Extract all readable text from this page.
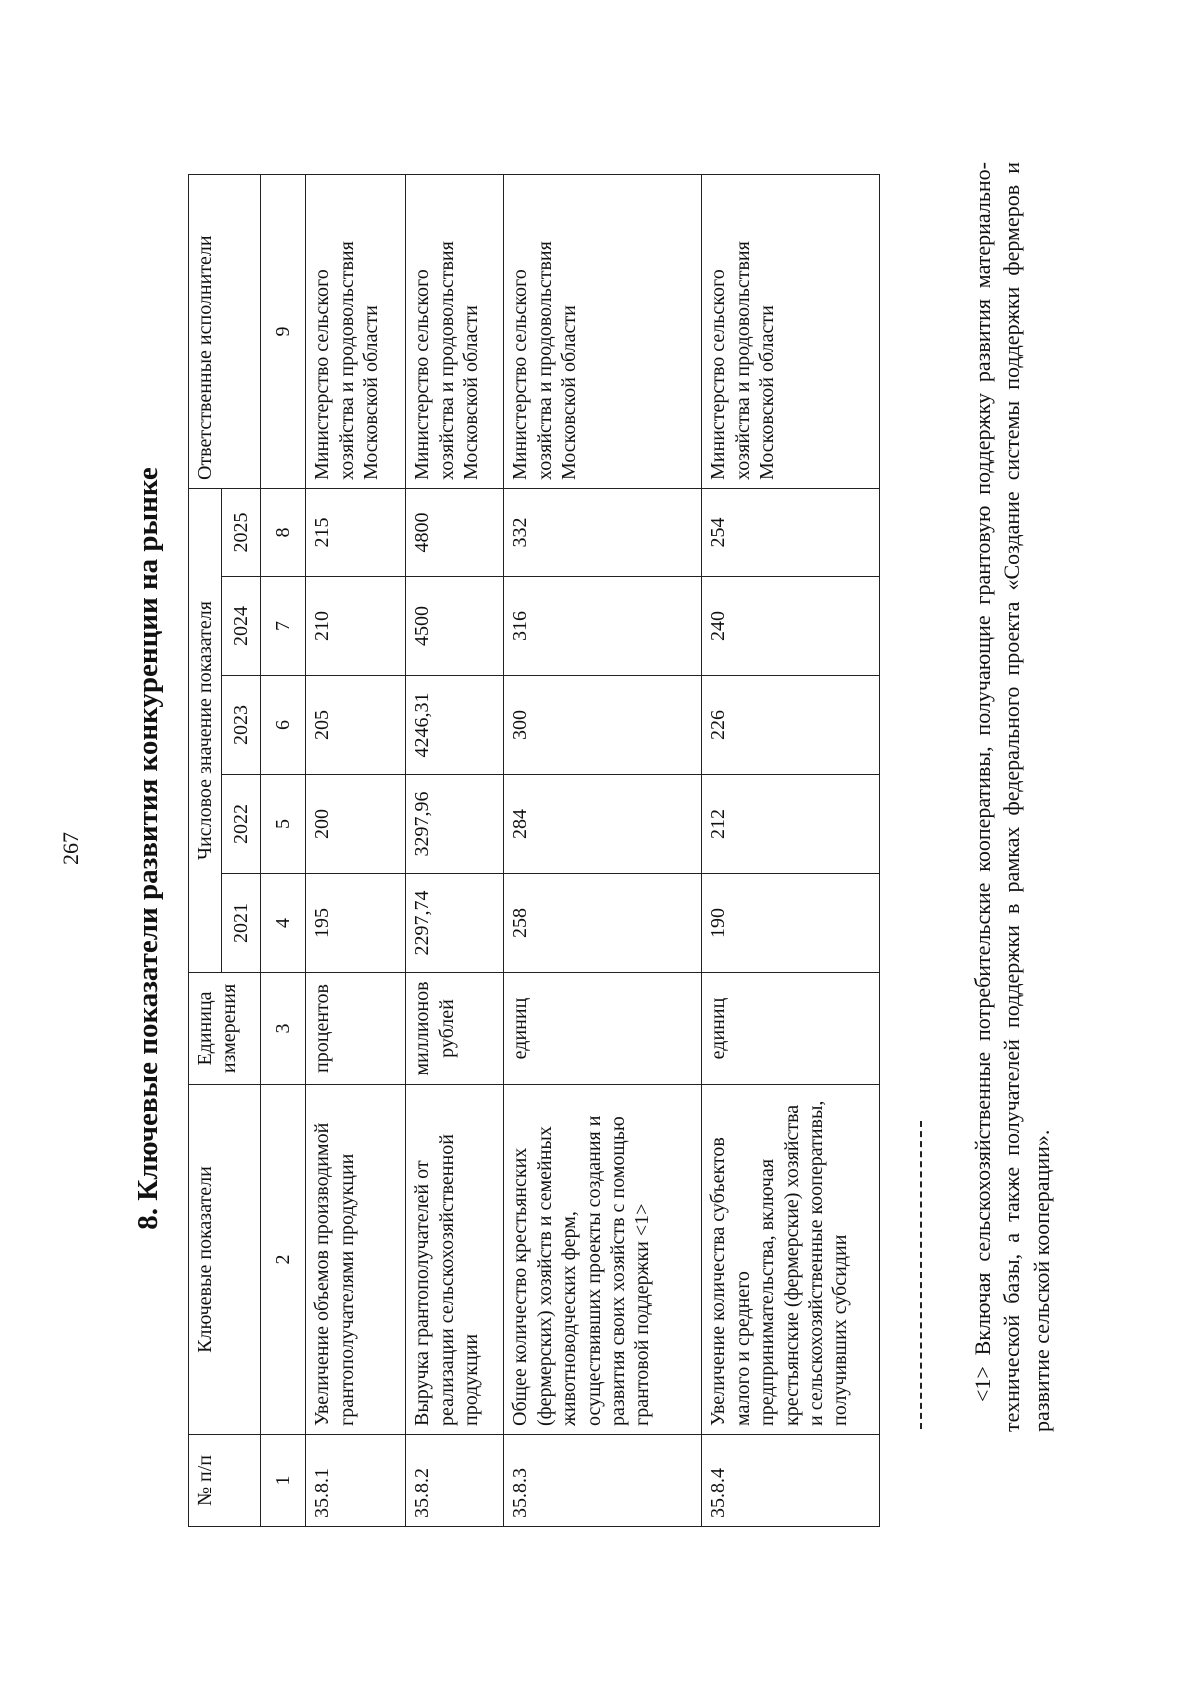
267 8. Ключевые показатели развития конкуренции на рынке
№ п/п	Ключевые показатели	Единица измерения	Числовое значение показателя					Ответственные исполнители
			2021	2022	2023	2024	2025	
1	2	3	4	5	6	7	8	9
35.8.1	Увеличение объемов производимой грантополучателями продукции	процентов	195	200	205	210	215	Министерство сельского хозяйства и продовольствия Московской области
35.8.2	Выручка грантополучателей от реализации сельскохозяйственной продукции	миллионов рублей	2297,74	3297,96	4246,31	4500	4800	Министерство сельского хозяйства и продовольствия Московской области
35.8.3	Общее количество крестьянских (фермерских) хозяйств и семейных животноводческих ферм, осуществивших проекты создания и развития своих хозяйств с помощью грантовой поддержки <1>	единиц	258	284	300	316	332	Министерство сельского хозяйства и продовольствия Московской области
35.8.4	Увеличение количества субъектов малого и среднего предпринимательства, включая крестьянские (фермерские) хозяйства и сельскохозяйственные кооперативы, получивших субсидии	единиц	190	212	226	240	254	Министерство сельского хозяйства и продовольствия Московской области	<1> Включая сельскохозяйственные потребительские кооперативы, получающие грантовую поддержку развития материально-технической базы, а также получателей поддержки в рамках федерального проекта «Создание системы поддержки фермеров и развитие сельской кооперации».
